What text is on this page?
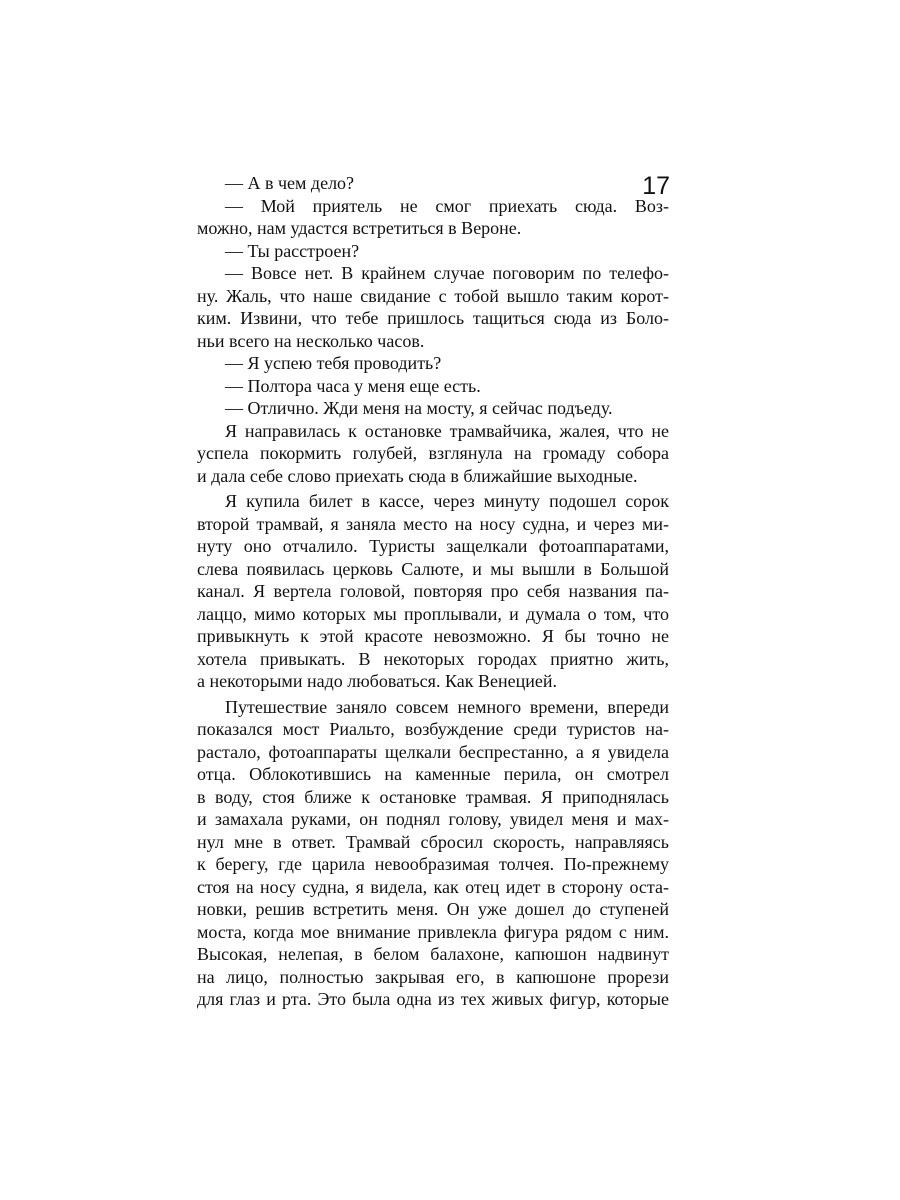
17
— А в чем дело?
— Мой приятель не смог приехать сюда. Воз-
можно, нам удастся встретиться в Вероне.
— Ты расстроен?
— Вовсе нет. В крайнем случае поговорим по телефо-
ну. Жаль, что наше свидание с тобой вышло таким корот-
ким. Извини, что тебе пришлось тащиться сюда из Боло-
ньи всего на несколько часов.
— Я успею тебя проводить?
— Полтора часа у меня еще есть.
— Отлично. Жди меня на мосту, я сейчас подъеду.
Я направилась к остановке трамвайчика, жалея, что не
успела покормить голубей, взглянула на громаду собора
и дала себе слово приехать сюда в ближайшие выходные.
Я купила билет в кассе, через минуту подошел сорок
второй трамвай, я заняла место на носу судна, и через ми-
нуту оно отчалило. Туристы защелкали фотоаппаратами,
слева появилась церковь Салюте, и мы вышли в Большой
канал. Я вертела головой, повторяя про себя названия па-
лаццо, мимо которых мы проплывали, и думала о том, что
привыкнуть к этой красоте невозможно. Я бы точно не
хотела привыкать. В некоторых городах приятно жить,
а некоторыми надо любоваться. Как Венецией.
Путешествие заняло совсем немного времени, впереди
показался мост Риальто, возбуждение среди туристов на-
растало, фотоаппараты щелкали беспрестанно, а я увидела
отца. Облокотившись на каменные перила, он смотрел
в воду, стоя ближе к остановке трамвая. Я приподнялась
и замахала руками, он поднял голову, увидел меня и мах-
нул мне в ответ. Трамвай сбросил скорость, направляясь
к берегу, где царила невообразимая толчея. По-прежнему
стоя на носу судна, я видела, как отец идет в сторону оста-
новки, решив встретить меня. Он уже дошел до ступеней
моста, когда мое внимание привлекла фигура рядом с ним.
Высокая, нелепая, в белом балахоне, капюшон надвинут
на лицо, полностью закрывая его, в капюшоне прорези
для глаз и рта. Это была одна из тех живых фигур, которые
